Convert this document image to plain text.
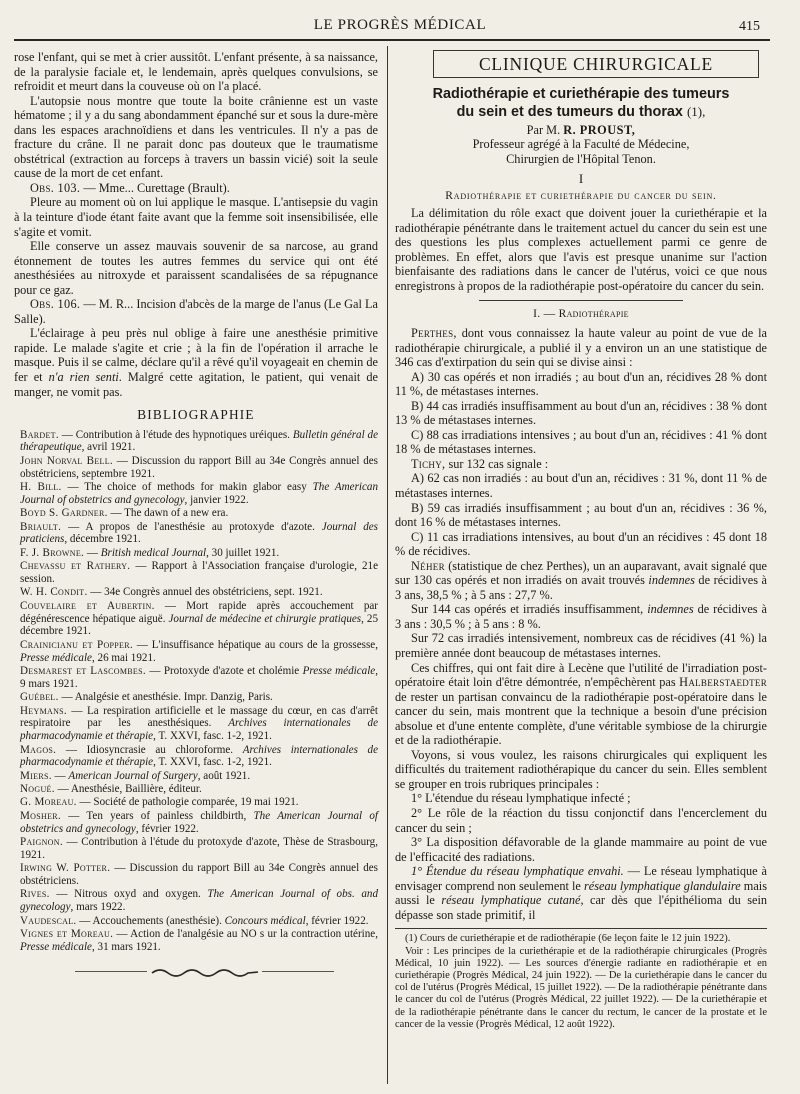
LE PROGRÈS MÉDICAL	415

rose l'enfant, qui se met à crier aussitôt. L'enfant présente, à sa naissance, de la paralysie faciale et, le lendemain, après quelques convulsions, se refroidit et meurt dans la couveuse où on l'a placé.

L'autopsie nous montre que toute la boite crânienne est un vaste hématome ; il y a du sang abondamment épanché sur et sous la dure-mère dans les espaces arachnoïdiens et dans les ventricules. Il n'y a pas de fracture du crâne. Il ne parait donc pas douteux que le traumatisme obstétrical (extraction au forceps à travers un bassin vicié) soit la seule cause de la mort de cet enfant.

Obs. 103. — Mme... Curettage (Brault).

Pleure au moment où on lui applique le masque. L'antisepsie du vagin à la teinture d'iode étant faite avant que la femme soit insensibilisée, elle s'agite et vomit.

Elle conserve un assez mauvais souvenir de sa narcose, au grand étonnement de toutes les autres femmes du service qui ont été anesthésiées au nitroxyde et paraissent scandalisées de sa répugnance pour ce gaz.

Obs. 106. — M. R... Incision d'abcès de la marge de l'anus (Le Gal La Salle).

L'éclairage à peu près nul oblige à faire une anesthésie primitive rapide. Le malade s'agite et crie ; à la fin de l'opération il arrache le masque. Puis il se calme, déclare qu'il a rêvé qu'il voyageait en chemin de fer et n'a rien senti. Malgré cette agitation, le patient, qui venait de manger, ne vomit pas.

BIBLIOGRAPHIE

Bardet. — Contribution à l'étude des hypnotiques uréiques. Bulletin général de thérapeutique, avril 1921.

John Norval Bell. — Discussion du rapport Bill au 34e Congrès annuel des obstétriciens, septembre 1921.

H. Bill. — The choice of methods for makin glabor easy The American Journal of obstetrics and gynecology, janvier 1922.

Boyd S. Gardner. — The dawn of a new era.

Briault. — A propos de l'anesthésie au protoxyde d'azote. Journal des praticiens, décembre 1921.

F. J. Browne. — British medical Journal, 30 juillet 1921.

Chevassu et Rathery. — Rapport à l'Association française d'urologie, 21e session.

W. H. Condit. — 34e Congrès annuel des obstétriciens, sept. 1921.

Couvelaire et Aubertin. — Mort rapide après accouchement par dégénérescence hépatique aiguë. Journal de médecine et chirurgie pratiques, 25 décembre 1921.

Crainicianu et Popper. — L'insuffisance hépatique au cours de la grossesse, Presse médicale, 26 mai 1921.

Desmarest et Lascombes. — Protoxyde d'azote et cholémie Presse médicale, 9 mars 1921.

Guébel. — Analgésie et anesthésie. Impr. Danzig, Paris.

Heymans. — La respiration artificielle et le massage du cœur, en cas d'arrêt respiratoire par les anesthésiques. Archives internationales de pharmacodynamie et thérapie, T. XXVI, fasc. 1-2, 1921.

Magos. — Idiosyncrasie au chloroforme. Archives internationales de pharmacodynamie et thérapie, T. XXVI, fasc. 1-2, 1921.

Miers. — American Journal of Surgery, août 1921.

Nogué. — Anesthésie, Baillière, éditeur.

G. Moreau. — Société de pathologie comparée, 19 mai 1921.

Mosher. — Ten years of painless childbirth, The American Journal of obstetrics and gynecology, février 1922.

Paignon. — Contribution à l'étude du protoxyde d'azote, Thèse de Strasbourg, 1921.

Irwing W. Potter. — Discussion du rapport Bill au 34e Congrès annuel des obstétriciens.

Rives. — Nitrous oxyd and oxygen. The American Journal of obs. and gynecology, mars 1922.

Vaudescal. — Accouchements (anesthésie). Concours médical, février 1922.

Vignes et Moreau. — Action de l'analgésie au NO s ur la contraction utérine, Presse médicale, 31 mars 1921.

CLINIQUE CHIRURGICALE
Radiothérapie et curiethérapie des tumeurs
du sein et des tumeurs du thorax (1),
Par M. R. PROUST,
Professeur agrégé à la Faculté de Médecine,
Chirurgien de l'Hôpital Tenon.
I
Radiothérapie et curiethérapie du cancer du sein.

La délimitation du rôle exact que doivent jouer la curiethérapie et la radiothérapie pénétrante dans le traitement actuel du cancer du sein est une des questions les plus complexes actuellement parmi ce genre de problèmes. En effet, alors que l'avis est presque unanime sur l'action bienfaisante des radiations dans le cancer de l'utérus, voici ce que nous enregistrons à propos de la radiothérapie post-opératoire du cancer du sein.

I. — Radiothérapie

Perthes, dont vous connaissez la haute valeur au point de vue de la radiothérapie chirurgicale, a publié il y a environ un an une statistique de 346 cas d'extirpation du sein qui se divise ainsi :

A) 30 cas opérés et non irradiés ; au bout d'un an, récidives 28 % dont 11 %, de métastases internes.

B) 44 cas irradiés insuffisamment au bout d'un an, récidives : 38 % dont 13 % de métastases internes.

C) 88 cas irradiations intensives ; au bout d'un an, récidives : 41 % dont 18 % de métastases internes.

Tichy, sur 132 cas signale :

A) 62 cas non irradiés : au bout d'un an, récidives : 31 %, dont 11 % de métastases internes.

B) 59 cas irradiés insuffisamment ; au bout d'un an, récidives : 36 %, dont 16 % de métastases internes.

C) 11 cas irradiations intensives, au bout d'un an récidives : 45 dont 18 % de récidives.

Néher (statistique de chez Perthes), un an auparavant, avait signalé que sur 130 cas opérés et non irradiés on avait trouvés indemnes de récidives à 3 ans, 38,5 % ; à 5 ans : 27,7 %.

Sur 144 cas opérés et irradiés insuffisamment, indemnes de récidives à 3 ans : 30,5 % ; à 5 ans : 8 %.

Sur 72 cas irradiés intensivement, nombreux cas de récidives (41 %) la première année dont beaucoup de métastases internes.

Ces chiffres, qui ont fait dire à Lecène que l'utilité de l'irradiation post-opératoire était loin d'être démontrée, n'empêchèrent pas Halberstaedter de rester un partisan convaincu de la radiothérapie post-opératoire dans le cancer du sein, mais montrent que la technique a besoin d'une précision absolue et d'une entente complète, d'une véritable symbiose de la chirurgie et de la radiothérapie.

Voyons, si vous voulez, les raisons chirurgicales qui expliquent les difficultés du traitement radiothérapique du cancer du sein. Elles semblent se grouper en trois rubriques principales :

1° L'étendue du réseau lymphatique infecté ;

2° Le rôle de la réaction du tissu conjonctif dans l'encerclement du cancer du sein ;

3° La disposition défavorable de la glande mammaire au point de vue de l'efficacité des radiations.

1° Étendue du réseau lymphatique envahi. — Le réseau lymphatique à envisager comprend non seulement le réseau lymphatique glandulaire mais aussi le réseau lymphatique cutané, car dès que l'épithélioma du sein dépasse son stade primitif, il

(1) Cours de curiethérapie et de radiothérapie (6e leçon faite le 12 juin 1922).

Voir : Les principes de la curiethérapie et de la radiothérapie chirurgicales (Progrès Médical, 10 juin 1922). — Les sources d'énergie radiante en radiothérapie et en curiethérapie (Progrès Médical, 24 juin 1922). — De la curiethérapie dans le cancer du col de l'utérus (Progrès Médical, 15 juillet 1922). — De la radiothérapie pénétrante dans le cancer du col de l'utérus (Progrès Médical, 22 juillet 1922). — De la curiethérapie et de la radiothérapie pénétrante dans le cancer du rectum, le cancer de la prostate et le cancer de la vessie (Progrès Médical, 12 août 1922).
